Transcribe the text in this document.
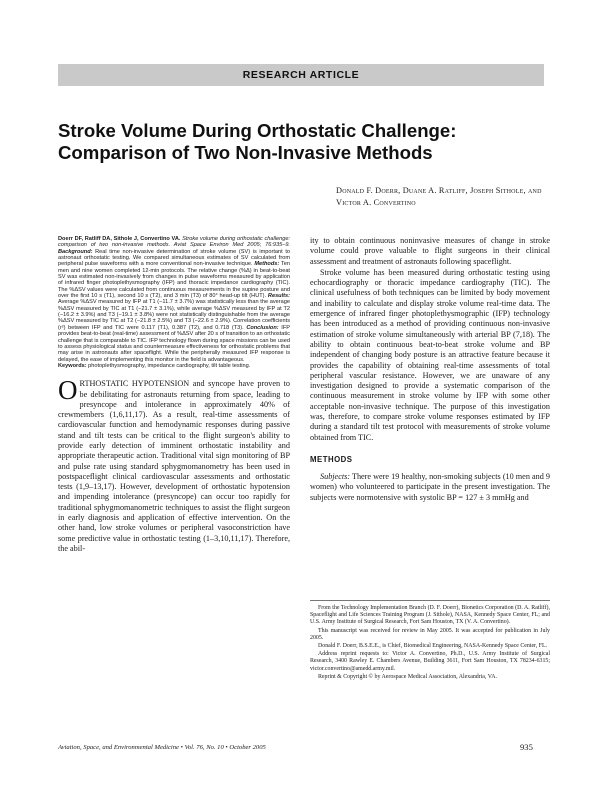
RESEARCH ARTICLE
Stroke Volume During Orthostatic Challenge:
Comparison of Two Non-Invasive Methods
Donald F. Doerr, Duane A. Ratliff, Joseph Sithole, and
Victor A. Convertino

Doerr DF, Ratliff DA, Sithole J, Convertino VA. Stroke volume during orthostatic challenge: comparison of two non-invasive methods. Aviat Space Environ Med 2005; 76:935–9. Background: Real time non-invasive determination of stroke volume (SV) is important to astronaut orthostatic testing. We compared simultaneous estimates of SV calculated from peripheral pulse waveforms with a more conventional non-invasive technique. Methods: Ten men and nine women completed 12-min protocols. The relative change (%Δ) in beat-to-beat SV was estimated non-invasively from changes in pulse waveforms measured by application of infrared finger photoplethysmography (IFP) and thoracic impedance cardiography (TIC). The %ΔSV values were calculated from continuous measurements in the supine posture and over the first 10 s (T1), second 10 s (T2), and 3 min (T3) of 80° head-up tilt (HUT). Results: Average %ΔSV measured by IFP at T1 (−11.7 ± 3.7%) was statistically less than the average %ΔSV measured by TIC at T1 (−21.7 ± 3.1%), while average %ΔSV measured by IFP at T2 (−16.2 ± 3.9%) and T3 (−19.1 ± 3.8%) were not statistically distinguishable from the average %ΔSV measured by TIC at T2 (−21.8 ± 2.5%) and T3 (−22.6 ± 2.9%). Correlation coefficients (r²) between IFP and TIC were 0.117 (T1), 0.387 (T2), and 0.718 (T3). Conclusion: IFP provides beat-to-beat (real-time) assessment of %ΔSV after 20 s of transition to an orthostatic challenge that is comparable to TIC. IFP technology flown during space missions can be used to assess physiological status and countermeasure effectiveness for orthostatic problems that may arise in astronauts after spaceflight. While the peripherally measured IFP response is delayed, the ease of implementing this monitor in the field is advantageous.

Keywords: photoplethysmography, impedance cardiography, tilt table testing.

ORTHOSTATIC HYPOTENSION and syncope have proven to be debilitating for astronauts returning from space, leading to presyncope and intolerance in approximately 40% of crewmembers (1,6,11,17). As a result, real-time assessments of cardiovascular function and hemodynamic responses during passive stand and tilt tests can be critical to the flight surgeon's ability to provide early detection of imminent orthostatic instability and appropriate therapeutic action. Traditional vital sign monitoring of BP and pulse rate using standard sphygmomanometry has been used in postspaceflight clinical cardiovascular assessments and orthostatic tests (1,9–13,17). However, development of orthostatic hypotension and impending intolerance (presyncope) can occur too rapidly for traditional sphygmomanometric techniques to assist the flight surgeon in early diagnosis and application of effective intervention. On the other hand, low stroke volumes or peripheral vasoconstriction have some predictive value in orthostatic testing (1–3,10,11,17). Therefore, the abil-

ity to obtain continuous noninvasive measures of change in stroke volume could prove valuable to flight surgeons in their clinical assessment and treatment of astronauts following spaceflight.

Stroke volume has been measured during orthostatic testing using echocardiography or thoracic impedance cardiography (TIC). The clinical usefulness of both techniques can be limited by body movement and inability to calculate and display stroke volume real-time data. The emergence of infrared finger photoplethysmographic (IFP) technology has been introduced as a method of providing continuous non-invasive estimation of stroke volume simultaneously with arterial BP (7,18). The ability to obtain continuous beat-to-beat stroke volume and BP independent of changing body posture is an attractive feature because it provides the capability of obtaining real-time assessments of total peripheral vascular resistance. However, we are unaware of any investigation designed to provide a systematic comparison of the continuous measurement in stroke volume by IFP with some other acceptable non-invasive technique. The purpose of this investigation was, therefore, to compare stroke volume responses estimated by IFP during a standard tilt test protocol with measurements of stroke volume obtained from TIC.

METHODS

Subjects: There were 19 healthy, non-smoking subjects (10 men and 9 women) who volunteered to participate in the present investigation. The subjects were normotensive with systolic BP = 127 ± 3 mmHg and

From the Technology Implementation Branch (D. F. Doerr), Bionetics Corporation (D. A. Ratliff), Spaceflight and Life Sciences Training Program (J. Sithole), NASA, Kennedy Space Center, FL; and U.S. Army Institute of Surgical Research, Fort Sam Houston, TX (V. A. Convertino).

This manuscript was received for review in May 2005. It was accepted for publication in July 2005.

Donald F. Doerr, B.S.E.E., is Chief, Biomedical Engineering, NASA-Kennedy Space Center, FL.

Address reprint requests to: Victor A. Convertino, Ph.D., U.S. Army Institute of Surgical Research, 3400 Rawley E. Chambers Avenue, Building 3611, Fort Sam Houston, TX 78234-6315; victor.convertino@amedd.army.mil.

Reprint & Copyright © by Aerospace Medical Association, Alexandria, VA.

Aviation, Space, and Environmental Medicine • Vol. 76, No. 10 • October 2005	935
